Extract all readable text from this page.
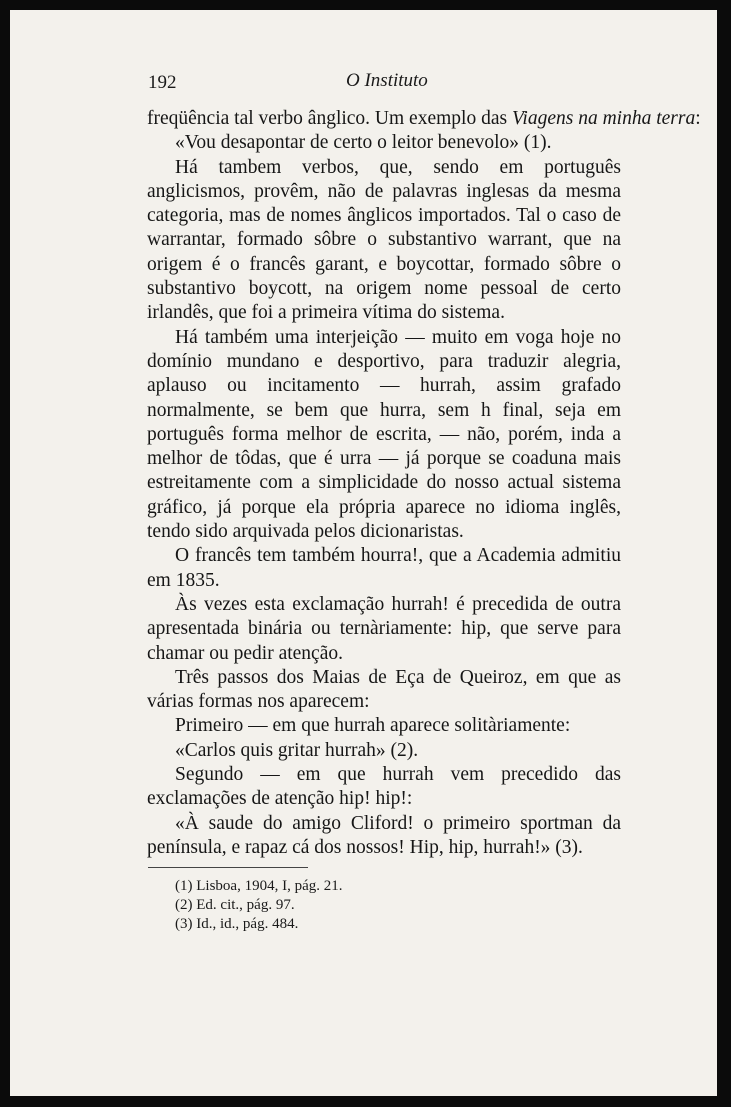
192	O Instituto

freqüência tal verbo ânglico. Um exemplo das Viagens na minha terra:

«Vou desapontar de certo o leitor benevolo» (1).

Há tambem verbos, que, sendo em português anglicismos, provêm, não de palavras inglesas da mesma categoria, mas de nomes ânglicos importados. Tal o caso de warrantar, formado sôbre o substantivo warrant, que na origem é o francês garant, e boycottar, formado sôbre o substantivo boycott, na origem nome pessoal de certo irlandês, que foi a primeira vítima do sistema.

Há também uma interjeição — muito em voga hoje no domínio mundano e desportivo, para traduzir alegria, aplauso ou incitamento — hurrah, assim grafado normalmente, se bem que hurra, sem h final, seja em português forma melhor de escrita, — não, porém, inda a melhor de tôdas, que é urra — já porque se coaduna mais estreitamente com a simplicidade do nosso actual sistema gráfico, já porque ela própria aparece no idioma inglês, tendo sido arquivada pelos dicionaristas.

O francês tem também hourra!, que a Academia admitiu em 1835.

Às vezes esta exclamação hurrah! é precedida de outra apresentada binária ou ternàriamente: hip, que serve para chamar ou pedir atenção.

Três passos dos Maias de Eça de Queiroz, em que as várias formas nos aparecem:

Primeiro — em que hurrah aparece solitàriamente:

«Carlos quis gritar hurrah» (2).

Segundo — em que hurrah vem precedido das exclamações de atenção hip! hip!:

«À saude do amigo Cliford! o primeiro sportman da península, e rapaz cá dos nossos! Hip, hip, hurrah!» (3).

(1) Lisboa, 1904, I, pág. 21.
(2) Ed. cit., pág. 97.
(3) Id., id., pág. 484.
